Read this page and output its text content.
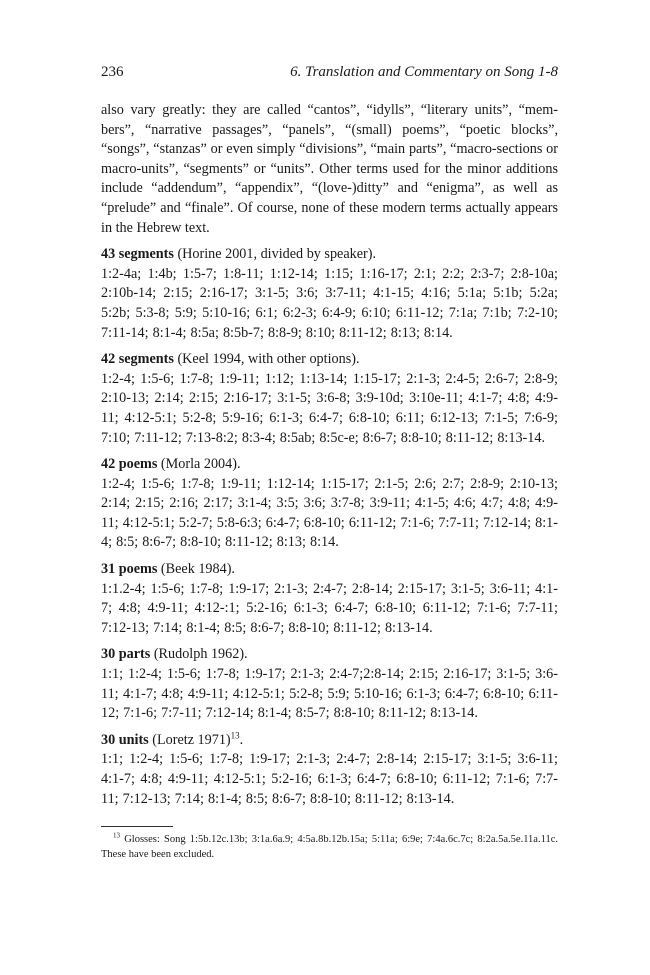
236	6. Translation and Commentary on Song 1-8

also vary greatly: they are called “cantos”, “idylls”, “literary units”, “mem-bers”, “narrative passages”, “panels”, “(small) poems”, “poetic blocks”, “songs”, “stanzas” or even simply “divisions”, “main parts”, “macro-sections or macro-units”, “segments” or “units”. Other terms used for the minor additions include “addendum”, “appendix”, “(love-)ditty” and “enigma”, as well as “prelude” and “finale”. Of course, none of these modern terms actually appears in the Hebrew text.

43 segments (Horine 2001, divided by speaker).

1:2-4a; 1:4b; 1:5-7; 1:8-11; 1:12-14; 1:15; 1:16-17; 2:1; 2:2; 2:3-7; 2:8-10a; 2:10b-14; 2:15; 2:16-17; 3:1-5; 3:6; 3:7-11; 4:1-15; 4:16; 5:1a; 5:1b; 5:2a; 5:2b; 5:3-8; 5:9; 5:10-16; 6:1; 6:2-3; 6:4-9; 6:10; 6:11-12; 7:1a; 7:1b; 7:2-10; 7:11-14; 8:1-4; 8:5a; 8:5b-7; 8:8-9; 8:10; 8:11-12; 8:13; 8:14.

42 segments (Keel 1994, with other options).

1:2-4; 1:5-6; 1:7-8; 1:9-11; 1:12; 1:13-14; 1:15-17; 2:1-3; 2:4-5; 2:6-7; 2:8-9; 2:10-13; 2:14; 2:15; 2:16-17; 3:1-5; 3:6-8; 3:9-10d; 3:10e-11; 4:1-7; 4:8; 4:9-11; 4:12-5:1; 5:2-8; 5:9-16; 6:1-3; 6:4-7; 6:8-10; 6:11; 6:12-13; 7:1-5; 7:6-9; 7:10; 7:11-12; 7:13-8:2; 8:3-4; 8:5ab; 8:5c-e; 8:6-7; 8:8-10; 8:11-12; 8:13-14.

42 poems (Morla 2004).

1:2-4; 1:5-6; 1:7-8; 1:9-11; 1:12-14; 1:15-17; 2:1-5; 2:6; 2:7; 2:8-9; 2:10-13; 2:14; 2:15; 2:16; 2:17; 3:1-4; 3:5; 3:6; 3:7-8; 3:9-11; 4:1-5; 4:6; 4:7; 4:8; 4:9-11; 4:12-5:1; 5:2-7; 5:8-6:3; 6:4-7; 6:8-10; 6:11-12; 7:1-6; 7:7-11; 7:12-14; 8:1-4; 8:5; 8:6-7; 8:8-10; 8:11-12; 8:13; 8:14.

31 poems (Beek 1984).

1:1.2-4; 1:5-6; 1:7-8; 1:9-17; 2:1-3; 2:4-7; 2:8-14; 2:15-17; 3:1-5; 3:6-11; 4:1-7; 4:8; 4:9-11; 4:12-:1; 5:2-16; 6:1-3; 6:4-7; 6:8-10; 6:11-12; 7:1-6; 7:7-11; 7:12-13; 7:14; 8:1-4; 8:5; 8:6-7; 8:8-10; 8:11-12; 8:13-14.

30 parts (Rudolph 1962).

1:1; 1:2-4; 1:5-6; 1:7-8; 1:9-17; 2:1-3; 2:4-7;2:8-14; 2:15; 2:16-17; 3:1-5; 3:6-11; 4:1-7; 4:8; 4:9-11; 4:12-5:1; 5:2-8; 5:9; 5:10-16; 6:1-3; 6:4-7; 6:8-10; 6:11-12; 7:1-6; 7:7-11; 7:12-14; 8:1-4; 8:5-7; 8:8-10; 8:11-12; 8:13-14.

30 units (Loretz 1971)$^{13}$.

1:1; 1:2-4; 1:5-6; 1:7-8; 1:9-17; 2:1-3; 2:4-7; 2:8-14; 2:15-17; 3:1-5; 3:6-11; 4:1-7; 4:8; 4:9-11; 4:12-5:1; 5:2-16; 6:1-3; 6:4-7; 6:8-10; 6:11-12; 7:1-6; 7:7-11; 7:12-13; 7:14; 8:1-4; 8:5; 8:6-7; 8:8-10; 8:11-12; 8:13-14.

$^{13}$ Glosses: Song 1:5b.12c.13b; 3:1a.6a.9; 4:5a.8b.12b.15a; 5:11a; 6:9e; 7:4a.6c.7c; 8:2a.5a.5e.11a.11c. These have been excluded.
